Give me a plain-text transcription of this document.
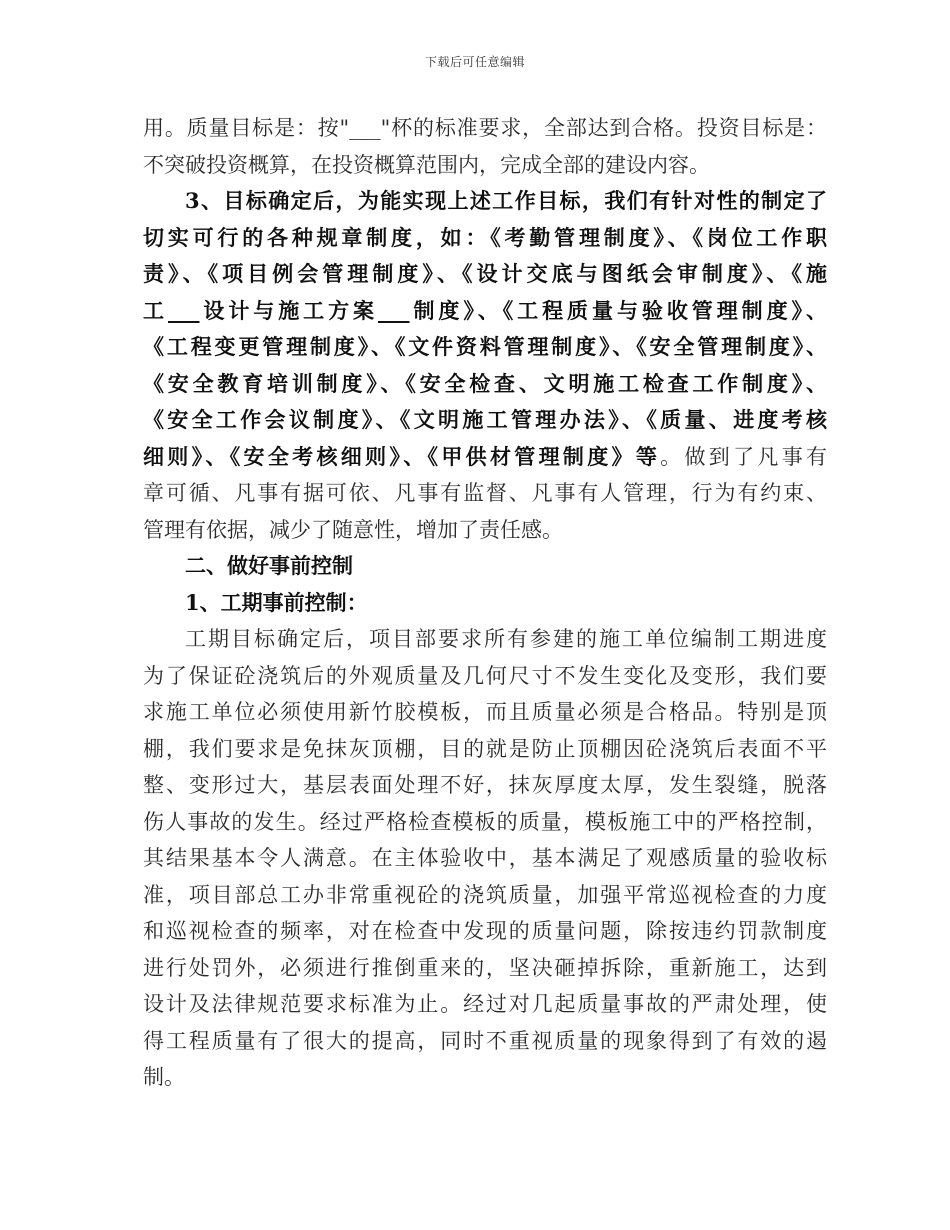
下载后可任意编辑
用。质量目标是：按"___"杯的标准要求，全部达到合格。投资目标是：
不突破投资概算，在投资概算范围内，完成全部的建设内容。
3、目标确定后，为能实现上述工作目标，我们有针对性的制定了
切实可行的各种规章制度，如：《考勤管理制度》、《岗位工作职
责》、《项目例会管理制度》、《设计交底与图纸会审制度》、《施
工___设计与施工方案___制度》、《工程质量与验收管理制度》、
《工程变更管理制度》、《文件资料管理制度》、《安全管理制度》、
《安全教育培训制度》、《安全检查、文明施工检查工作制度》、
《安全工作会议制度》、《文明施工管理办法》、《质量、进度考核
细则》、《安全考核细则》、《甲供材管理制度》等。做到了凡事有
章可循、凡事有据可依、凡事有监督、凡事有人管理，行为有约束、
管理有依据，减少了随意性，增加了责任感。
二、做好事前控制
1、工期事前控制：
工期目标确定后，项目部要求所有参建的施工单位编制工期进度
为了保证砼浇筑后的外观质量及几何尺寸不发生变化及变形，我们要
求施工单位必须使用新竹胶模板，而且质量必须是合格品。特别是顶
棚，我们要求是免抹灰顶棚，目的就是防止顶棚因砼浇筑后表面不平
整、变形过大，基层表面处理不好，抹灰厚度太厚，发生裂缝，脱落
伤人事故的发生。经过严格检查模板的质量，模板施工中的严格控制，
其结果基本令人满意。在主体验收中，基本满足了观感质量的验收标
准，项目部总工办非常重视砼的浇筑质量，加强平常巡视检查的力度
和巡视检查的频率，对在检查中发现的质量问题，除按违约罚款制度
进行处罚外，必须进行推倒重来的，坚决砸掉拆除，重新施工，达到
设计及法律规范要求标准为止。经过对几起质量事故的严肃处理，使
得工程质量有了很大的提高，同时不重视质量的现象得到了有效的遏
制。
